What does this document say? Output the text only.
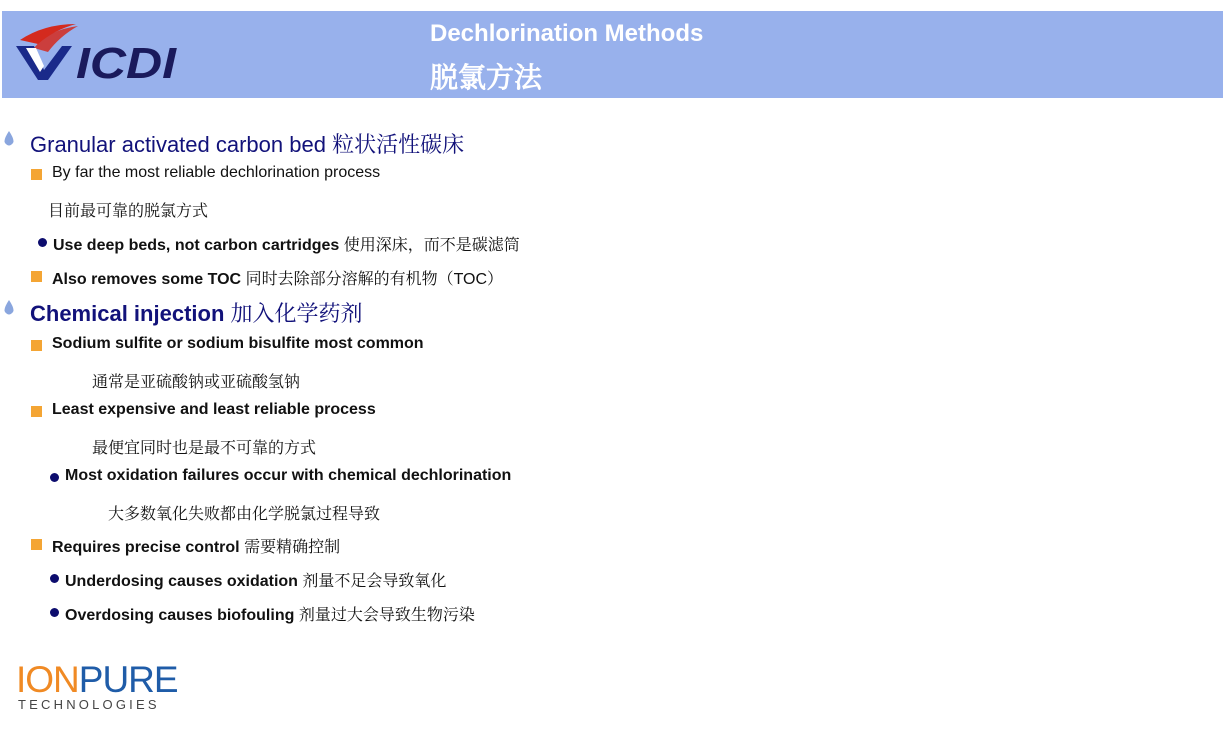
ICDI
Dechlorination Methods
脱氯方法
Granular activated carbon bed 粒状活性碳床
By far the most reliable dechlorination process
目前最可靠的脱氯方式
Use deep beds, not carbon cartridges 使用深床，而不是碳滤筒
Also removes some TOC 同时去除部分溶解的有机物（TOC）
Chemical injection 加入化学药剂
Sodium sulfite or sodium bisulfite most common
通常是亚硫酸钠或亚硫酸氢钠
Least expensive and least reliable process
最便宜同时也是最不可靠的方式
Most oxidation failures occur with chemical dechlorination
大多数氧化失败都由化学脱氯过程导致
Requires precise control 需要精确控制
Underdosing causes oxidation 剂量不足会导致氧化
Overdosing causes biofouling 剂量过大会导致生物污染
IONPURE
TECHNOLOGIES
